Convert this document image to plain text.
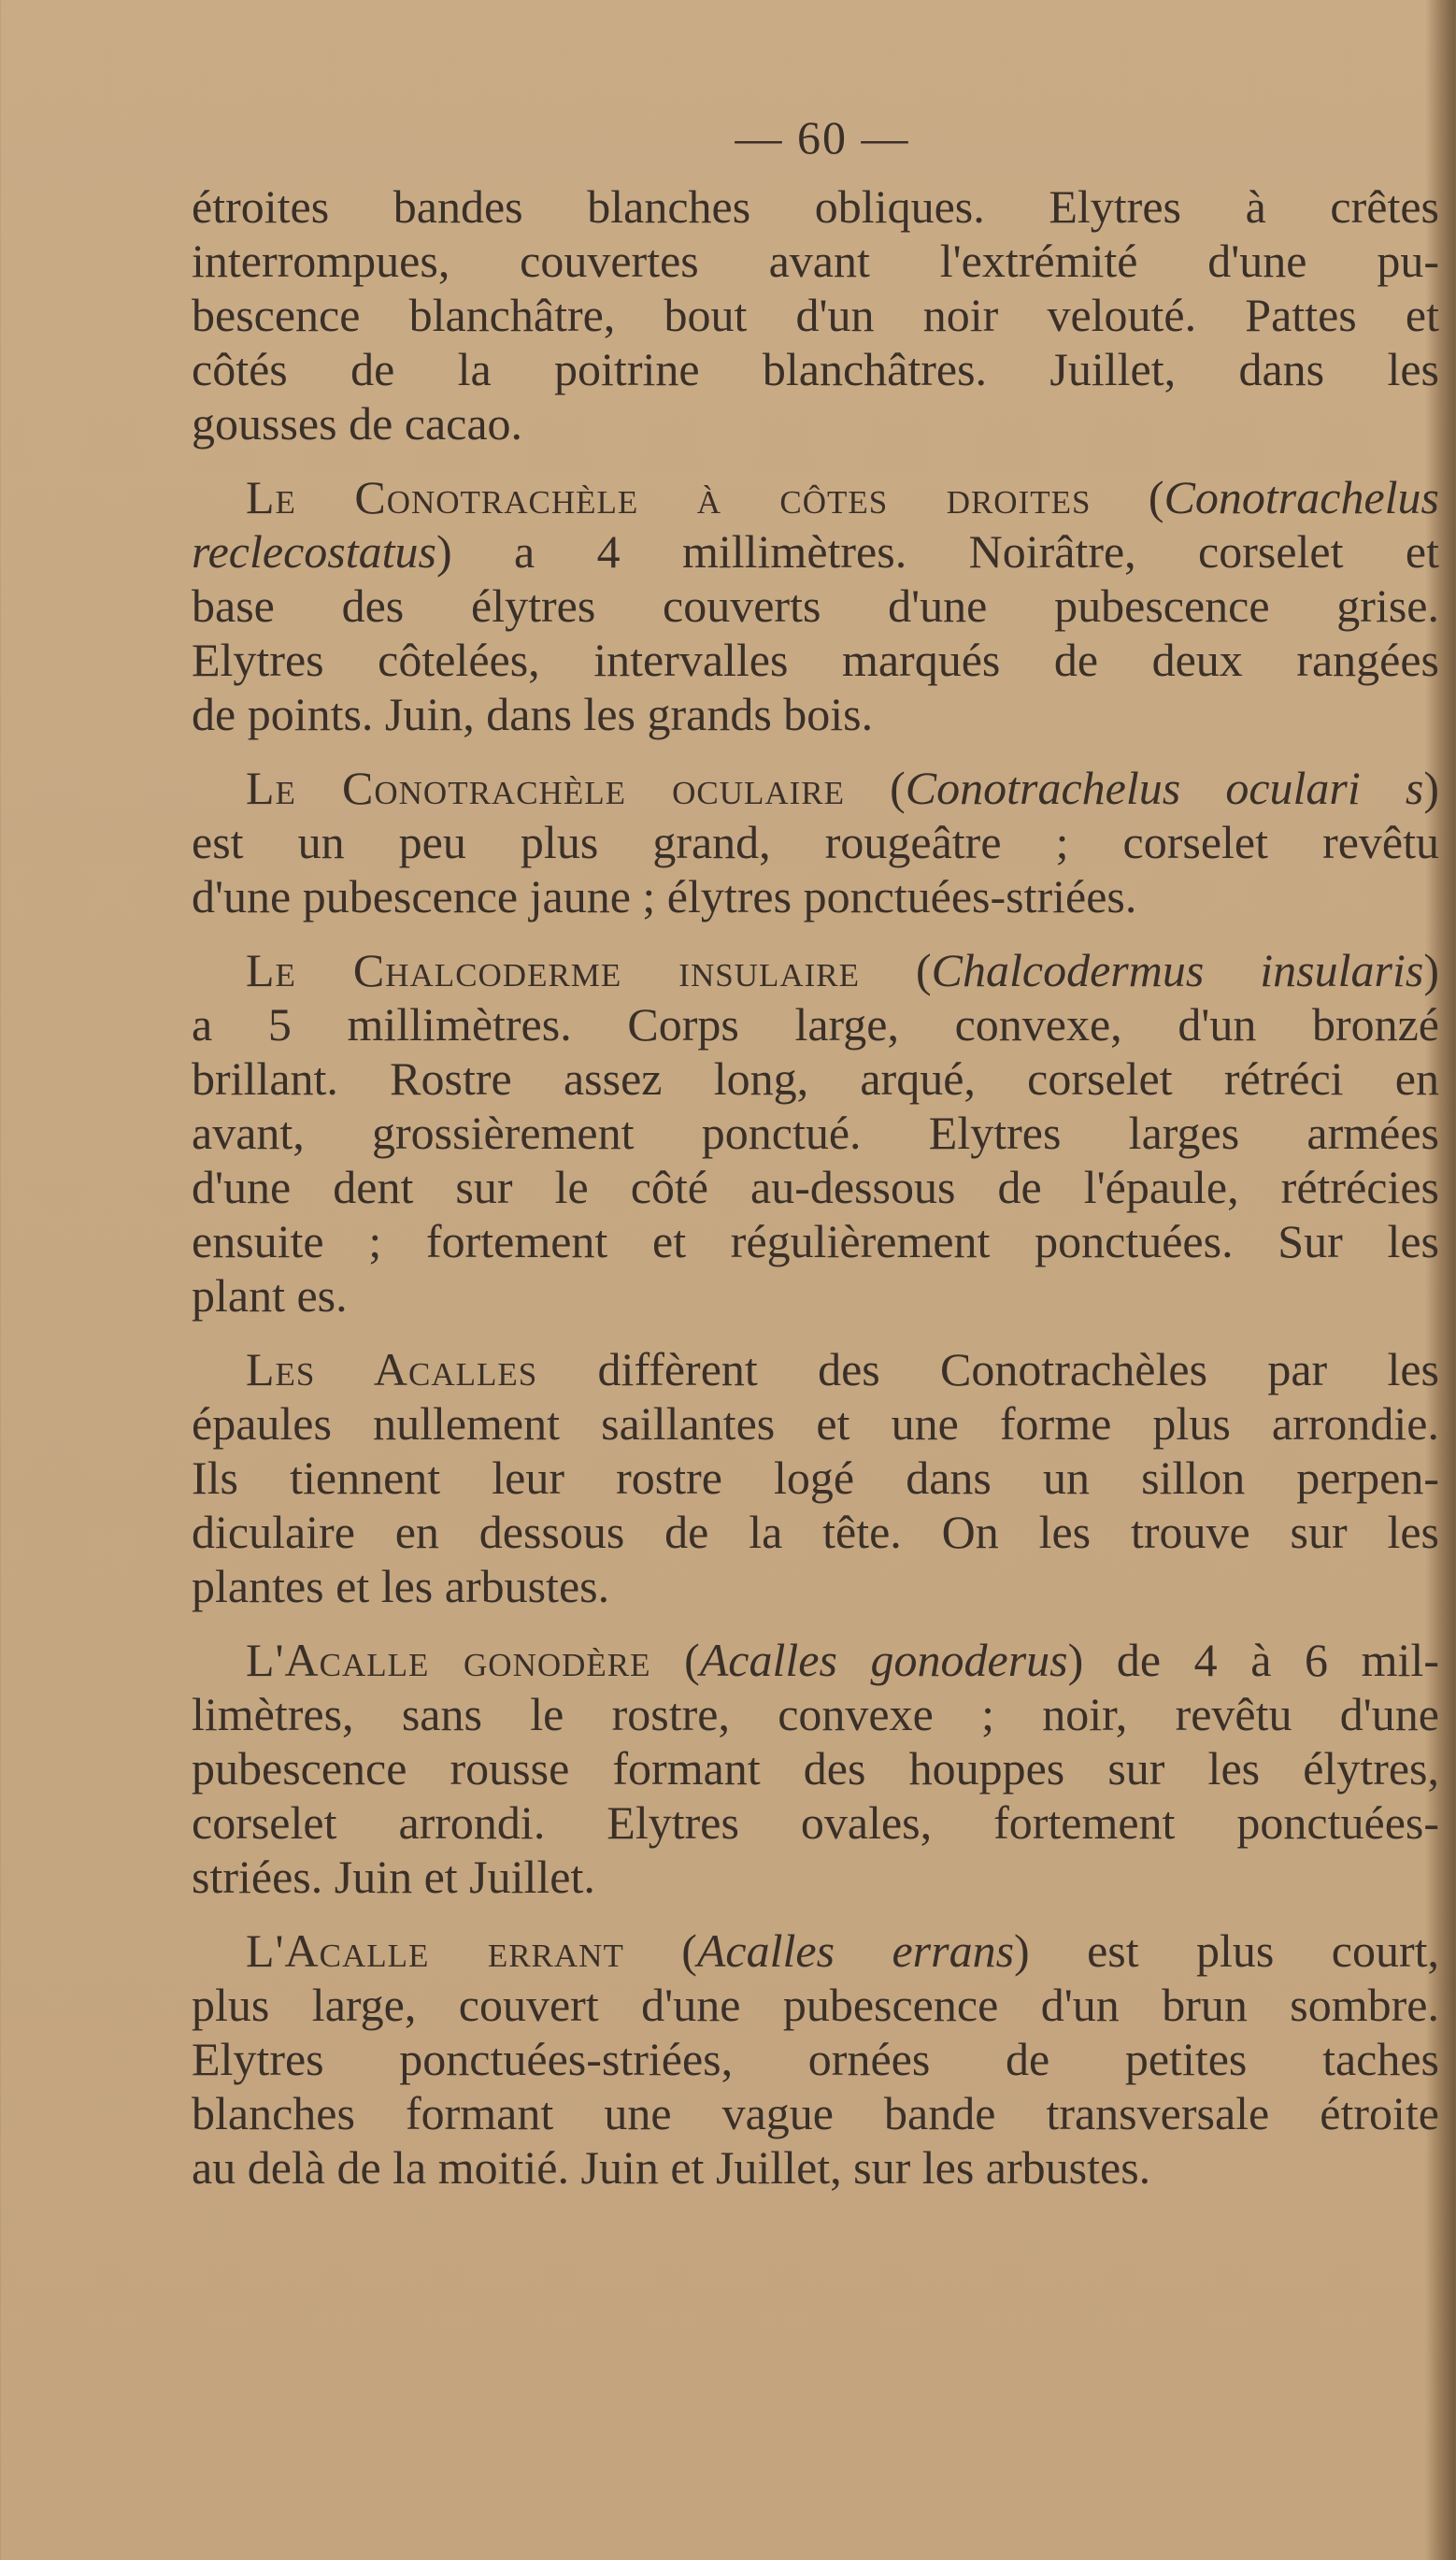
— 60 —
étroites bandes blanches obliques. Elytres à crêtes
interrompues, couvertes avant l'extrémité d'une pu-
bescence blanchâtre, bout d'un noir velouté. Pattes et
côtés de la poitrine blanchâtres. Juillet, dans les
gousses de cacao.
Le Conotrachèle à côtes droites (Conotrachelus
reclecostatus) a 4 millimètres. Noirâtre, corselet et
base des élytres couverts d'une pubescence grise.
Elytres côtelées, intervalles marqués de deux rangées
de points. Juin, dans les grands bois.
Le Conotrachèle oculaire (Conotrachelus oculari s)
est un peu plus grand, rougeâtre ; corselet revêtu
d'une pubescence jaune ; élytres ponctuées-striées.
Le Chalcoderme insulaire (Chalcodermus insularis)
a 5 millimètres. Corps large, convexe, d'un bronzé
brillant. Rostre assez long, arqué, corselet rétréci en
avant, grossièrement ponctué. Elytres larges armées
d'une dent sur le côté au-dessous de l'épaule, rétrécies
ensuite ; fortement et régulièrement ponctuées. Sur les
plant es.
Les Acalles diffèrent des Conotrachèles par les
épaules nullement saillantes et une forme plus arrondie.
Ils tiennent leur rostre logé dans un sillon perpen-
diculaire en dessous de la tête. On les trouve sur les
plantes et les arbustes.
L'Acalle gonodère (Acalles gonoderus) de 4 à 6 mil-
limètres, sans le rostre, convexe ; noir, revêtu d'une
pubescence rousse formant des houppes sur les élytres,
corselet arrondi. Elytres ovales, fortement ponctuées-
striées. Juin et Juillet.
L'Acalle errant (Acalles errans) est plus court,
plus large, couvert d'une pubescence d'un brun sombre.
Elytres ponctuées-striées, ornées de petites taches
blanches formant une vague bande transversale étroite
au delà de la moitié. Juin et Juillet, sur les arbustes.
